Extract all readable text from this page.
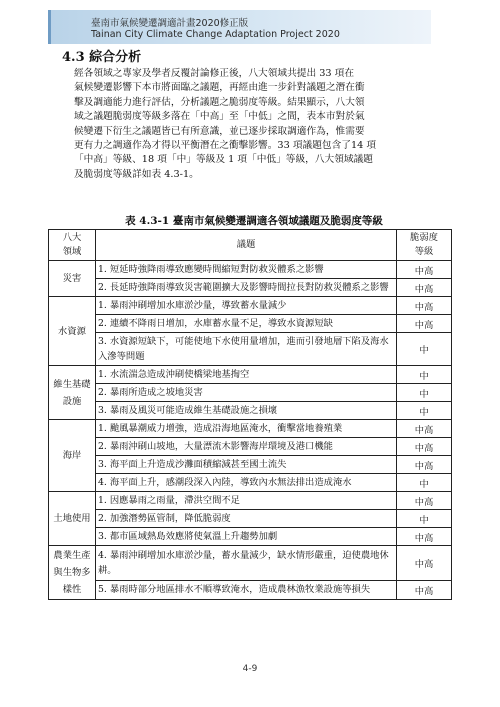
臺南市氣候變遷調適計畫2020修正版
Tainan City Climate Change Adaptation Project 2020
4.3 綜合分析
經各領域之專家及學者反覆討論修正後，八大領域共提出 33 項在
氣候變遷影響下本市將面臨之議題，再經由進一步針對議題之潛在衝
擊及調適能力進行評估，分析議題之脆弱度等級。結果顯示，八大領
域之議題脆弱度等級多落在「中高」至「中低」之間，表本市對於氣
候變遷下衍生之議題皆已有所意識，並已逐步採取調適作為，惟需要
更有力之調適作為才得以平衡潛在之衝擊影響。33 項議題包含了14 項
「中高」等級、18 項「中」等級及 1 項「中低」等級，八大領域議題
及脆弱度等級詳如表 4.3-1。
表 4.3-1 臺南市氣候變遷調適各領域議題及脆弱度等級
八大
領域	議題	脆弱度
等級
災害	1. 短延時強降雨導致應變時間縮短對防救災體系之影響	中高
	2. 長延時強降雨導致災害範圍擴大及影響時間拉長對防救災體系之影響	中高
水資源	1. 暴雨沖刷增加水庫淤沙量，導致蓄水量減少	中高
	2. 連續不降雨日增加，水庫蓄水量不足，導致水資源短缺	中高
	3. 水資源短缺下，可能使地下水使用量增加，進而引發地層下陷及海水入滲等問題	中
維生基礎設施	1. 水流湍急造成沖刷使橋梁地基掏空	中
	2. 暴雨所造成之坡地災害	中
	3. 暴雨及風災可能造成維生基礎設施之損壞	中
海岸	1. 颱風暴潮威力增強，造成沿海地區淹水，衝擊當地養殖業	中高
	2. 暴雨沖刷山坡地，大量漂流木影響海岸環境及港口機能	中高
	3. 海平面上升造成沙灘面積縮減甚至國土流失	中高
	4. 海平面上升，感潮段深入內陸，導致內水無法排出造成淹水	中
土地使用	1. 因應暴雨之雨量，滯洪空間不足	中高
	2. 加強潛勢區管制，降低脆弱度	中
	3. 都市區域熱島效應將使氣溫上升趨勢加劇	中高
農業生產與生物多樣性	4. 暴雨沖刷增加水庫淤沙量，蓄水量減少，缺水情形嚴重，迫使農地休耕。	中高
	5. 暴雨時部分地區排水不順導致淹水，造成農林漁牧業設施等損失	中高
4-9
